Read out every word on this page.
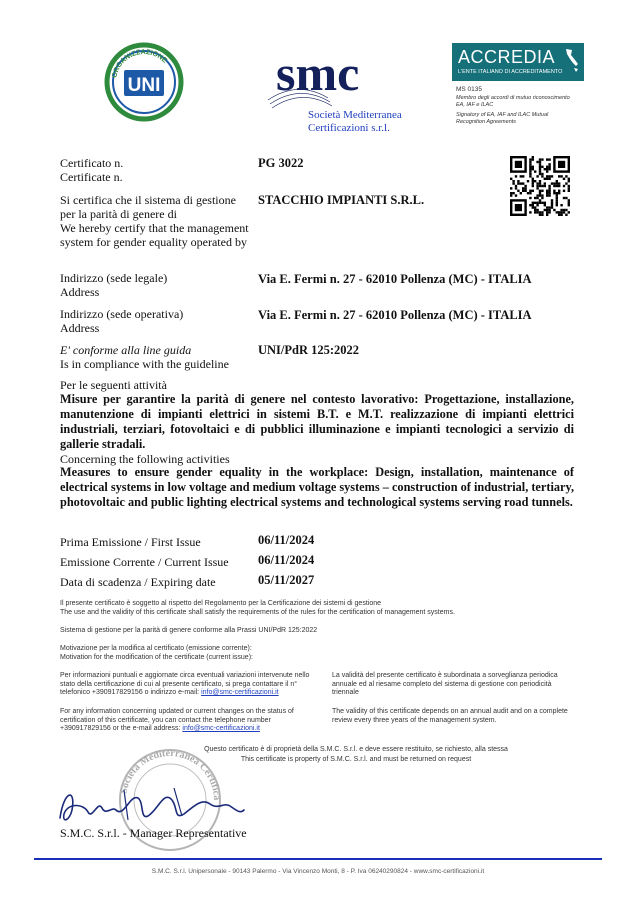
ORGANIZZAZIONE
UNI smc
Società Mediterranea
Certificazioni s.r.l.
ACCREDIA
L'ENTE ITALIANO DI ACCREDITAMENTO
MS 0135
Membro degli accordi di mutuo riconoscimento EA, IAF e ILAC
Signatory of EA, IAF and ILAC Mutual Recognition Agreements
Certificato n.
Certificate n.
PG 3022
Si certifica che il sistema di gestione per la parità di genere di
We hereby certify that the management system for gender equality operated by
STACCHIO IMPIANTI S.R.L.
Indirizzo (sede legale)
Address
Via E. Fermi n. 27 - 62010 Pollenza (MC) - ITALIA
Indirizzo (sede operativa)
Address
Via E. Fermi n. 27 - 62010 Pollenza (MC) - ITALIA
E' conforme alla line guida
Is in compliance with the guideline
UNI/PdR 125:2022
Per le seguenti attività
Misure per garantire la parità di genere nel contesto lavorativo: Progettazione, installazione, manutenzione di impianti elettrici in sistemi B.T. e M.T. realizzazione di impianti elettrici industriali, terziari, fotovoltaici e di pubblici illuminazione e impianti tecnologici a servizio di gallerie stradali.
Concerning the following activities
Measures to ensure gender equality in the workplace: Design, installation, maintenance of electrical systems in low voltage and medium voltage systems – construction of industrial, tertiary, photovoltaic and public lighting electrical systems and technological systems serving road tunnels.
Prima Emissione / First Issue	06/11/2024
Emissione Corrente / Current Issue 06/11/2024
Data di scadenza / Expiring date	05/11/2027
Il presente certificato è soggetto al rispetto del Regolamento per la Certificazione dei sistemi di gestione
The use and the validity of this certificate shall satisfy the requirements of the rules for the certification of management systems.
Sistema di gestione per la parità di genere conforme alla Prassi UNI/PdR 125:2022
Motivazione per la modifica al certificato (emissione corrente):
Motivation for the modification of the certificate (current issue):
Per informazioni puntuali e aggiornate circa eventuali variazioni intervenute nello stato della certificazione di cui al presente certificato, si prega contattare il n° telefonico +390917829156 o indirizzo e-mail: info@smc-certificazioni.it
For any information concerning updated or current changes on the status of certification of this certificate, you can contact the telephone number +390917829156 or the e-mail address: info@smc-certificazioni.it
La validità del presente certificato è subordinata a sorveglianza periodica annuale ed al riesame completo del sistema di gestione con periodicità triennale
The validity of this certificate depends on an annual audit and on a complete review every three years of the management system.
Questo certificato è di proprietà della S.M.C. S.r.l. e deve essere restituito, se richiesto, alla stessa
This certificate is property of S.M.C. S.r.l. and must be returned on request
Società Mediterranea Certifica
S.M.C. S.r.l. - Manager Representative
S.M.C. S.r.l. Unipersonale - 90143 Palermo - Via Vincenzo Monti, 8 - P. Iva 06240290824 - www.smc-certificazioni.it
